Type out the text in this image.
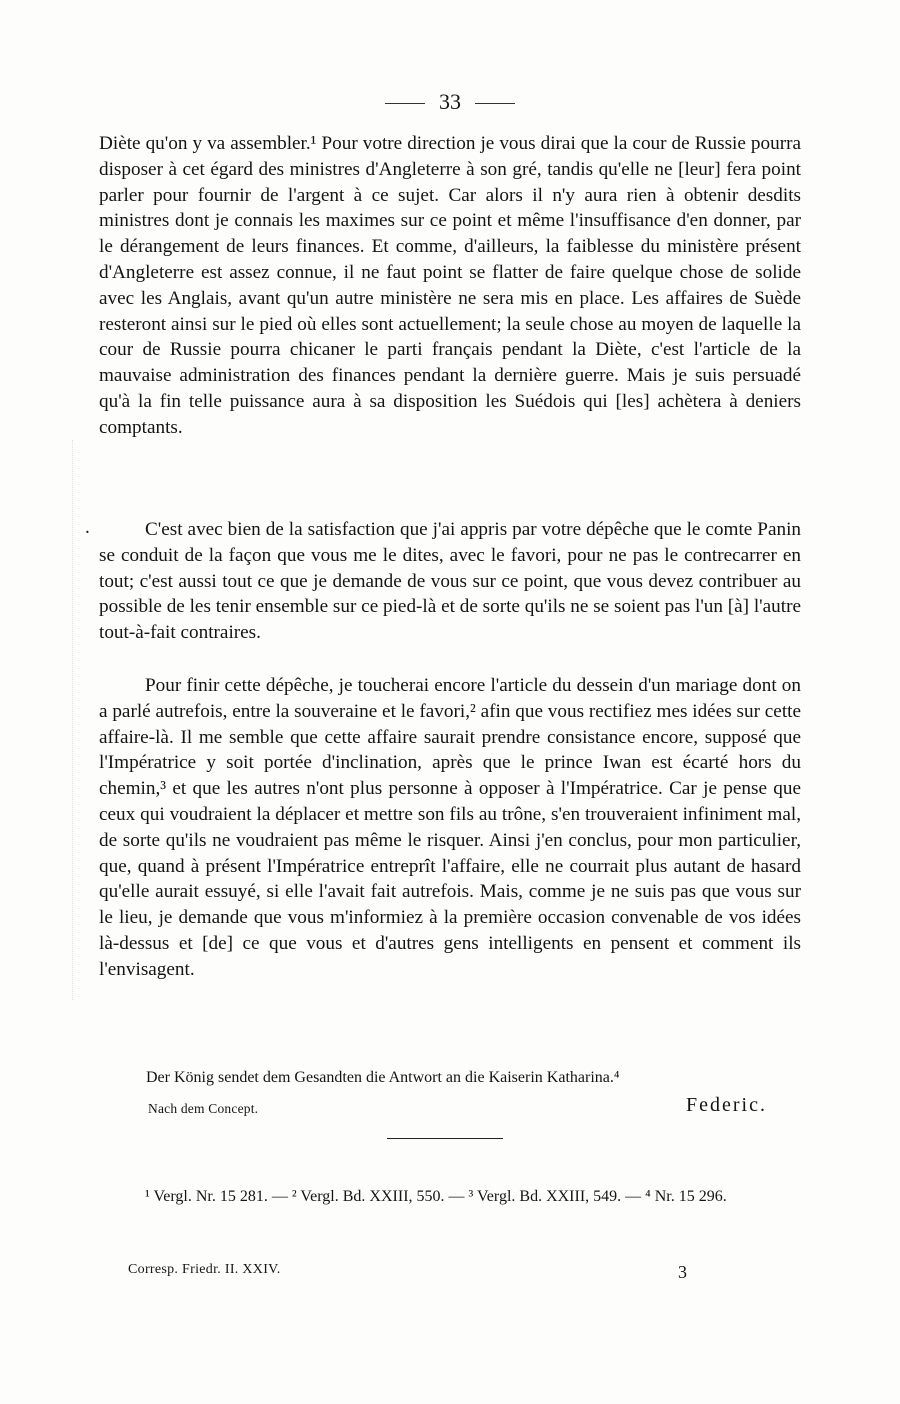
33

Diète qu'on y va assembler.¹ Pour votre direction je vous dirai que la cour de Russie pourra disposer à cet égard des ministres d'Angleterre à son gré, tandis qu'elle ne [leur] fera point parler pour fournir de l'argent à ce sujet. Car alors il n'y aura rien à obtenir desdits ministres dont je connais les maximes sur ce point et même l'insuffisance d'en donner, par le dérangement de leurs finances. Et comme, d'ailleurs, la faiblesse du ministère présent d'Angleterre est assez connue, il ne faut point se flatter de faire quelque chose de solide avec les Anglais, avant qu'un autre ministère ne sera mis en place. Les affaires de Suède resteront ainsi sur le pied où elles sont actuellement; la seule chose au moyen de laquelle la cour de Russie pourra chicaner le parti français pendant la Diète, c'est l'article de la mauvaise administration des finances pendant la dernière guerre. Mais je suis persuadé qu'à la fin telle puissance aura à sa disposition les Suédois qui [les] achètera à deniers comptants.

.	C'est avec bien de la satisfaction que j'ai appris par votre dépêche que le comte Panin se conduit de la façon que vous me le dites, avec le favori, pour ne pas le contrecarrer en tout; c'est aussi tout ce que je demande de vous sur ce point, que vous devez contribuer au possible de les tenir ensemble sur ce pied-là et de sorte qu'ils ne se soient pas l'un [à] l'autre tout-à-fait contraires.

Pour finir cette dépêche, je toucherai encore l'article du dessein d'un mariage dont on a parlé autrefois, entre la souveraine et le favori,² afin que vous rectifiez mes idées sur cette affaire-là. Il me semble que cette affaire saurait prendre consistance encore, supposé que l'Impératrice y soit portée d'inclination, après que le prince Iwan est écarté hors du chemin,³ et que les autres n'ont plus personne à opposer à l'Impératrice. Car je pense que ceux qui voudraient la déplacer et mettre son fils au trône, s'en trouveraient infiniment mal, de sorte qu'ils ne voudraient pas même le risquer. Ainsi j'en conclus, pour mon particulier, que, quand à présent l'Impératrice entreprît l'affaire, elle ne courrait plus autant de hasard qu'elle aurait essuyé, si elle l'avait fait autrefois. Mais, comme je ne suis pas que vous sur le lieu, je demande que vous m'informiez à la première occasion convenable de vos idées là-dessus et [de] ce que vous et d'autres gens intelligents en pensent et comment ils l'envisagent.

Der König sendet dem Gesandten die Antwort an die Kaiserin Katharina.⁴
Nach dem Concept.	Federic.
¹ Vergl. Nr. 15 281. — ² Vergl. Bd. XXIII, 550. — ³ Vergl. Bd. XXIII, 549. — ⁴ Nr. 15 296.
Corresp. Friedr. II. XXIV.	3
